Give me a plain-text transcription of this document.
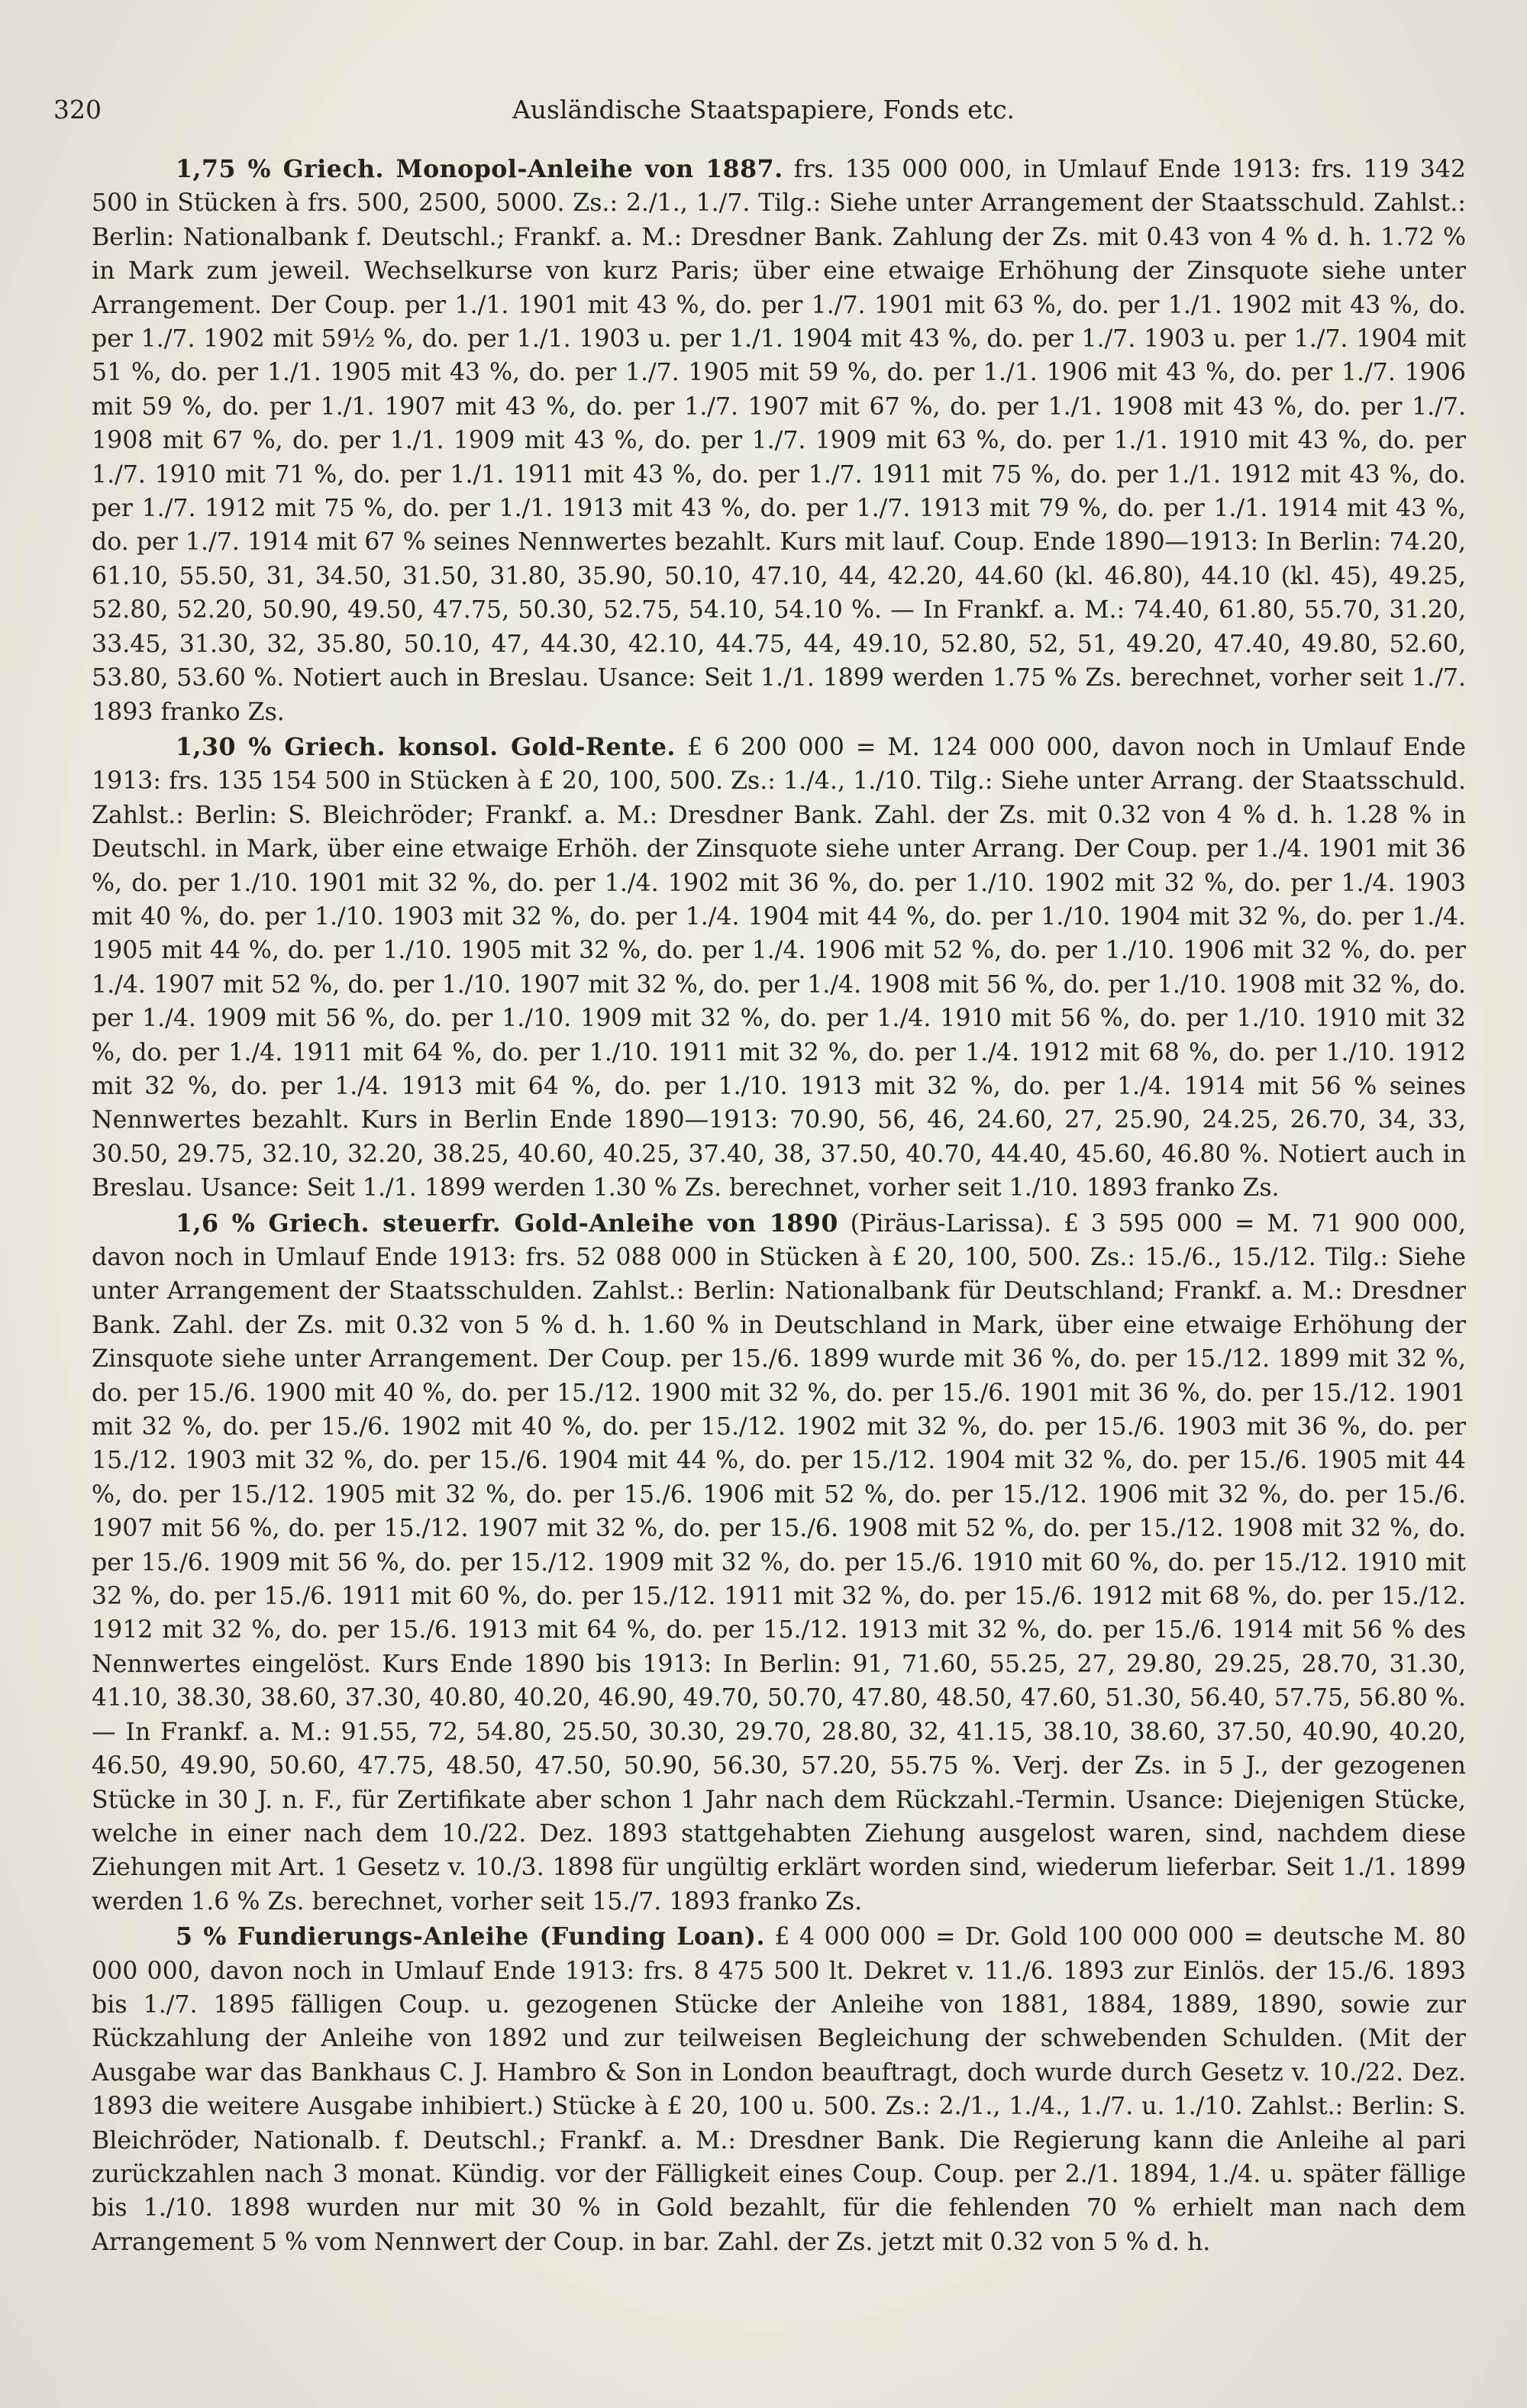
320	Ausländische Staatspapiere, Fonds etc.

1,75 % Griech. Monopol-Anleihe von 1887. frs. 135 000 000, in Umlauf Ende 1913: frs. 119 342 500 in Stücken à frs. 500, 2500, 5000. Zs.: 2./1., 1./7. Tilg.: Siehe unter Arrangement der Staatsschuld. Zahlst.: Berlin: Nationalbank f. Deutschl.; Frankf. a. M.: Dresdner Bank. Zahlung der Zs. mit 0.43 von 4 % d. h. 1.72 % in Mark zum jeweil. Wechselkurse von kurz Paris; über eine etwaige Erhöhung der Zinsquote siehe unter Arrangement. Der Coup. per 1./1. 1901 mit 43 %, do. per 1./7. 1901 mit 63 %, do. per 1./1. 1902 mit 43 %, do. per 1./7. 1902 mit 59½ %, do. per 1./1. 1903 u. per 1./1. 1904 mit 43 %, do. per 1./7. 1903 u. per 1./7. 1904 mit 51 %, do. per 1./1. 1905 mit 43 %, do. per 1./7. 1905 mit 59 %, do. per 1./1. 1906 mit 43 %, do. per 1./7. 1906 mit 59 %, do. per 1./1. 1907 mit 43 %, do. per 1./7. 1907 mit 67 %, do. per 1./1. 1908 mit 43 %, do. per 1./7. 1908 mit 67 %, do. per 1./1. 1909 mit 43 %, do. per 1./7. 1909 mit 63 %, do. per 1./1. 1910 mit 43 %, do. per 1./7. 1910 mit 71 %, do. per 1./1. 1911 mit 43 %, do. per 1./7. 1911 mit 75 %, do. per 1./1. 1912 mit 43 %, do. per 1./7. 1912 mit 75 %, do. per 1./1. 1913 mit 43 %, do. per 1./7. 1913 mit 79 %, do. per 1./1. 1914 mit 43 %, do. per 1./7. 1914 mit 67 % seines Nennwertes bezahlt. Kurs mit lauf. Coup. Ende 1890—1913: In Berlin: 74.20, 61.10, 55.50, 31, 34.50, 31.50, 31.80, 35.90, 50.10, 47.10, 44, 42.20, 44.60 (kl. 46.80), 44.10 (kl. 45), 49.25, 52.80, 52.20, 50.90, 49.50, 47.75, 50.30, 52.75, 54.10, 54.10 %. — In Frankf. a. M.: 74.40, 61.80, 55.70, 31.20, 33.45, 31.30, 32, 35.80, 50.10, 47, 44.30, 42.10, 44.75, 44, 49.10, 52.80, 52, 51, 49.20, 47.40, 49.80, 52.60, 53.80, 53.60 %. Notiert auch in Breslau. Usance: Seit 1./1. 1899 werden 1.75 % Zs. berechnet, vorher seit 1./7. 1893 franko Zs.

1,30 % Griech. konsol. Gold-Rente. £ 6 200 000 = M. 124 000 000, davon noch in Umlauf Ende 1913: frs. 135 154 500 in Stücken à £ 20, 100, 500. Zs.: 1./4., 1./10. Tilg.: Siehe unter Arrang. der Staatsschuld. Zahlst.: Berlin: S. Bleichröder; Frankf. a. M.: Dresdner Bank. Zahl. der Zs. mit 0.32 von 4 % d. h. 1.28 % in Deutschl. in Mark, über eine etwaige Erhöh. der Zinsquote siehe unter Arrang. Der Coup. per 1./4. 1901 mit 36 %, do. per 1./10. 1901 mit 32 %, do. per 1./4. 1902 mit 36 %, do. per 1./10. 1902 mit 32 %, do. per 1./4. 1903 mit 40 %, do. per 1./10. 1903 mit 32 %, do. per 1./4. 1904 mit 44 %, do. per 1./10. 1904 mit 32 %, do. per 1./4. 1905 mit 44 %, do. per 1./10. 1905 mit 32 %, do. per 1./4. 1906 mit 52 %, do. per 1./10. 1906 mit 32 %, do. per 1./4. 1907 mit 52 %, do. per 1./10. 1907 mit 32 %, do. per 1./4. 1908 mit 56 %, do. per 1./10. 1908 mit 32 %, do. per 1./4. 1909 mit 56 %, do. per 1./10. 1909 mit 32 %, do. per 1./4. 1910 mit 56 %, do. per 1./10. 1910 mit 32 %, do. per 1./4. 1911 mit 64 %, do. per 1./10. 1911 mit 32 %, do. per 1./4. 1912 mit 68 %, do. per 1./10. 1912 mit 32 %, do. per 1./4. 1913 mit 64 %, do. per 1./10. 1913 mit 32 %, do. per 1./4. 1914 mit 56 % seines Nennwertes bezahlt. Kurs in Berlin Ende 1890—1913: 70.90, 56, 46, 24.60, 27, 25.90, 24.25, 26.70, 34, 33, 30.50, 29.75, 32.10, 32.20, 38.25, 40.60, 40.25, 37.40, 38, 37.50, 40.70, 44.40, 45.60, 46.80 %. Notiert auch in Breslau. Usance: Seit 1./1. 1899 werden 1.30 % Zs. berechnet, vorher seit 1./10. 1893 franko Zs.

1,6 % Griech. steuerfr. Gold-Anleihe von 1890 (Piräus-Larissa). £ 3 595 000 = M. 71 900 000, davon noch in Umlauf Ende 1913: frs. 52 088 000 in Stücken à £ 20, 100, 500. Zs.: 15./6., 15./12. Tilg.: Siehe unter Arrangement der Staatsschulden. Zahlst.: Berlin: Nationalbank für Deutschland; Frankf. a. M.: Dresdner Bank. Zahl. der Zs. mit 0.32 von 5 % d. h. 1.60 % in Deutschland in Mark, über eine etwaige Erhöhung der Zinsquote siehe unter Arrangement. Der Coup. per 15./6. 1899 wurde mit 36 %, do. per 15./12. 1899 mit 32 %, do. per 15./6. 1900 mit 40 %, do. per 15./12. 1900 mit 32 %, do. per 15./6. 1901 mit 36 %, do. per 15./12. 1901 mit 32 %, do. per 15./6. 1902 mit 40 %, do. per 15./12. 1902 mit 32 %, do. per 15./6. 1903 mit 36 %, do. per 15./12. 1903 mit 32 %, do. per 15./6. 1904 mit 44 %, do. per 15./12. 1904 mit 32 %, do. per 15./6. 1905 mit 44 %, do. per 15./12. 1905 mit 32 %, do. per 15./6. 1906 mit 52 %, do. per 15./12. 1906 mit 32 %, do. per 15./6. 1907 mit 56 %, do. per 15./12. 1907 mit 32 %, do. per 15./6. 1908 mit 52 %, do. per 15./12. 1908 mit 32 %, do. per 15./6. 1909 mit 56 %, do. per 15./12. 1909 mit 32 %, do. per 15./6. 1910 mit 60 %, do. per 15./12. 1910 mit 32 %, do. per 15./6. 1911 mit 60 %, do. per 15./12. 1911 mit 32 %, do. per 15./6. 1912 mit 68 %, do. per 15./12. 1912 mit 32 %, do. per 15./6. 1913 mit 64 %, do. per 15./12. 1913 mit 32 %, do. per 15./6. 1914 mit 56 % des Nennwertes eingelöst. Kurs Ende 1890 bis 1913: In Berlin: 91, 71.60, 55.25, 27, 29.80, 29.25, 28.70, 31.30, 41.10, 38.30, 38.60, 37.30, 40.80, 40.20, 46.90, 49.70, 50.70, 47.80, 48.50, 47.60, 51.30, 56.40, 57.75, 56.80 %. — In Frankf. a. M.: 91.55, 72, 54.80, 25.50, 30.30, 29.70, 28.80, 32, 41.15, 38.10, 38.60, 37.50, 40.90, 40.20, 46.50, 49.90, 50.60, 47.75, 48.50, 47.50, 50.90, 56.30, 57.20, 55.75 %. Verj. der Zs. in 5 J., der gezogenen Stücke in 30 J. n. F., für Zertifikate aber schon 1 Jahr nach dem Rückzahl.-Termin. Usance: Diejenigen Stücke, welche in einer nach dem 10./22. Dez. 1893 stattgehabten Ziehung ausgelost waren, sind, nachdem diese Ziehungen mit Art. 1 Gesetz v. 10./3. 1898 für ungültig erklärt worden sind, wiederum lieferbar. Seit 1./1. 1899 werden 1.6 % Zs. berechnet, vorher seit 15./7. 1893 franko Zs.

5 % Fundierungs-Anleihe (Funding Loan). £ 4 000 000 = Dr. Gold 100 000 000 = deutsche M. 80 000 000, davon noch in Umlauf Ende 1913: frs. 8 475 500 lt. Dekret v. 11./6. 1893 zur Einlös. der 15./6. 1893 bis 1./7. 1895 fälligen Coup. u. gezogenen Stücke der Anleihe von 1881, 1884, 1889, 1890, sowie zur Rückzahlung der Anleihe von 1892 und zur teilweisen Begleichung der schwebenden Schulden. (Mit der Ausgabe war das Bankhaus C. J. Hambro & Son in London beauftragt, doch wurde durch Gesetz v. 10./22. Dez. 1893 die weitere Ausgabe inhibiert.) Stücke à £ 20, 100 u. 500. Zs.: 2./1., 1./4., 1./7. u. 1./10. Zahlst.: Berlin: S. Bleichröder, Nationalb. f. Deutschl.; Frankf. a. M.: Dresdner Bank. Die Regierung kann die Anleihe al pari zurückzahlen nach 3 monat. Kündig. vor der Fälligkeit eines Coup. Coup. per 2./1. 1894, 1./4. u. später fällige bis 1./10. 1898 wurden nur mit 30 % in Gold bezahlt, für die fehlenden 70 % erhielt man nach dem Arrangement 5 % vom Nennwert der Coup. in bar. Zahl. der Zs. jetzt mit 0.32 von 5 % d. h.
